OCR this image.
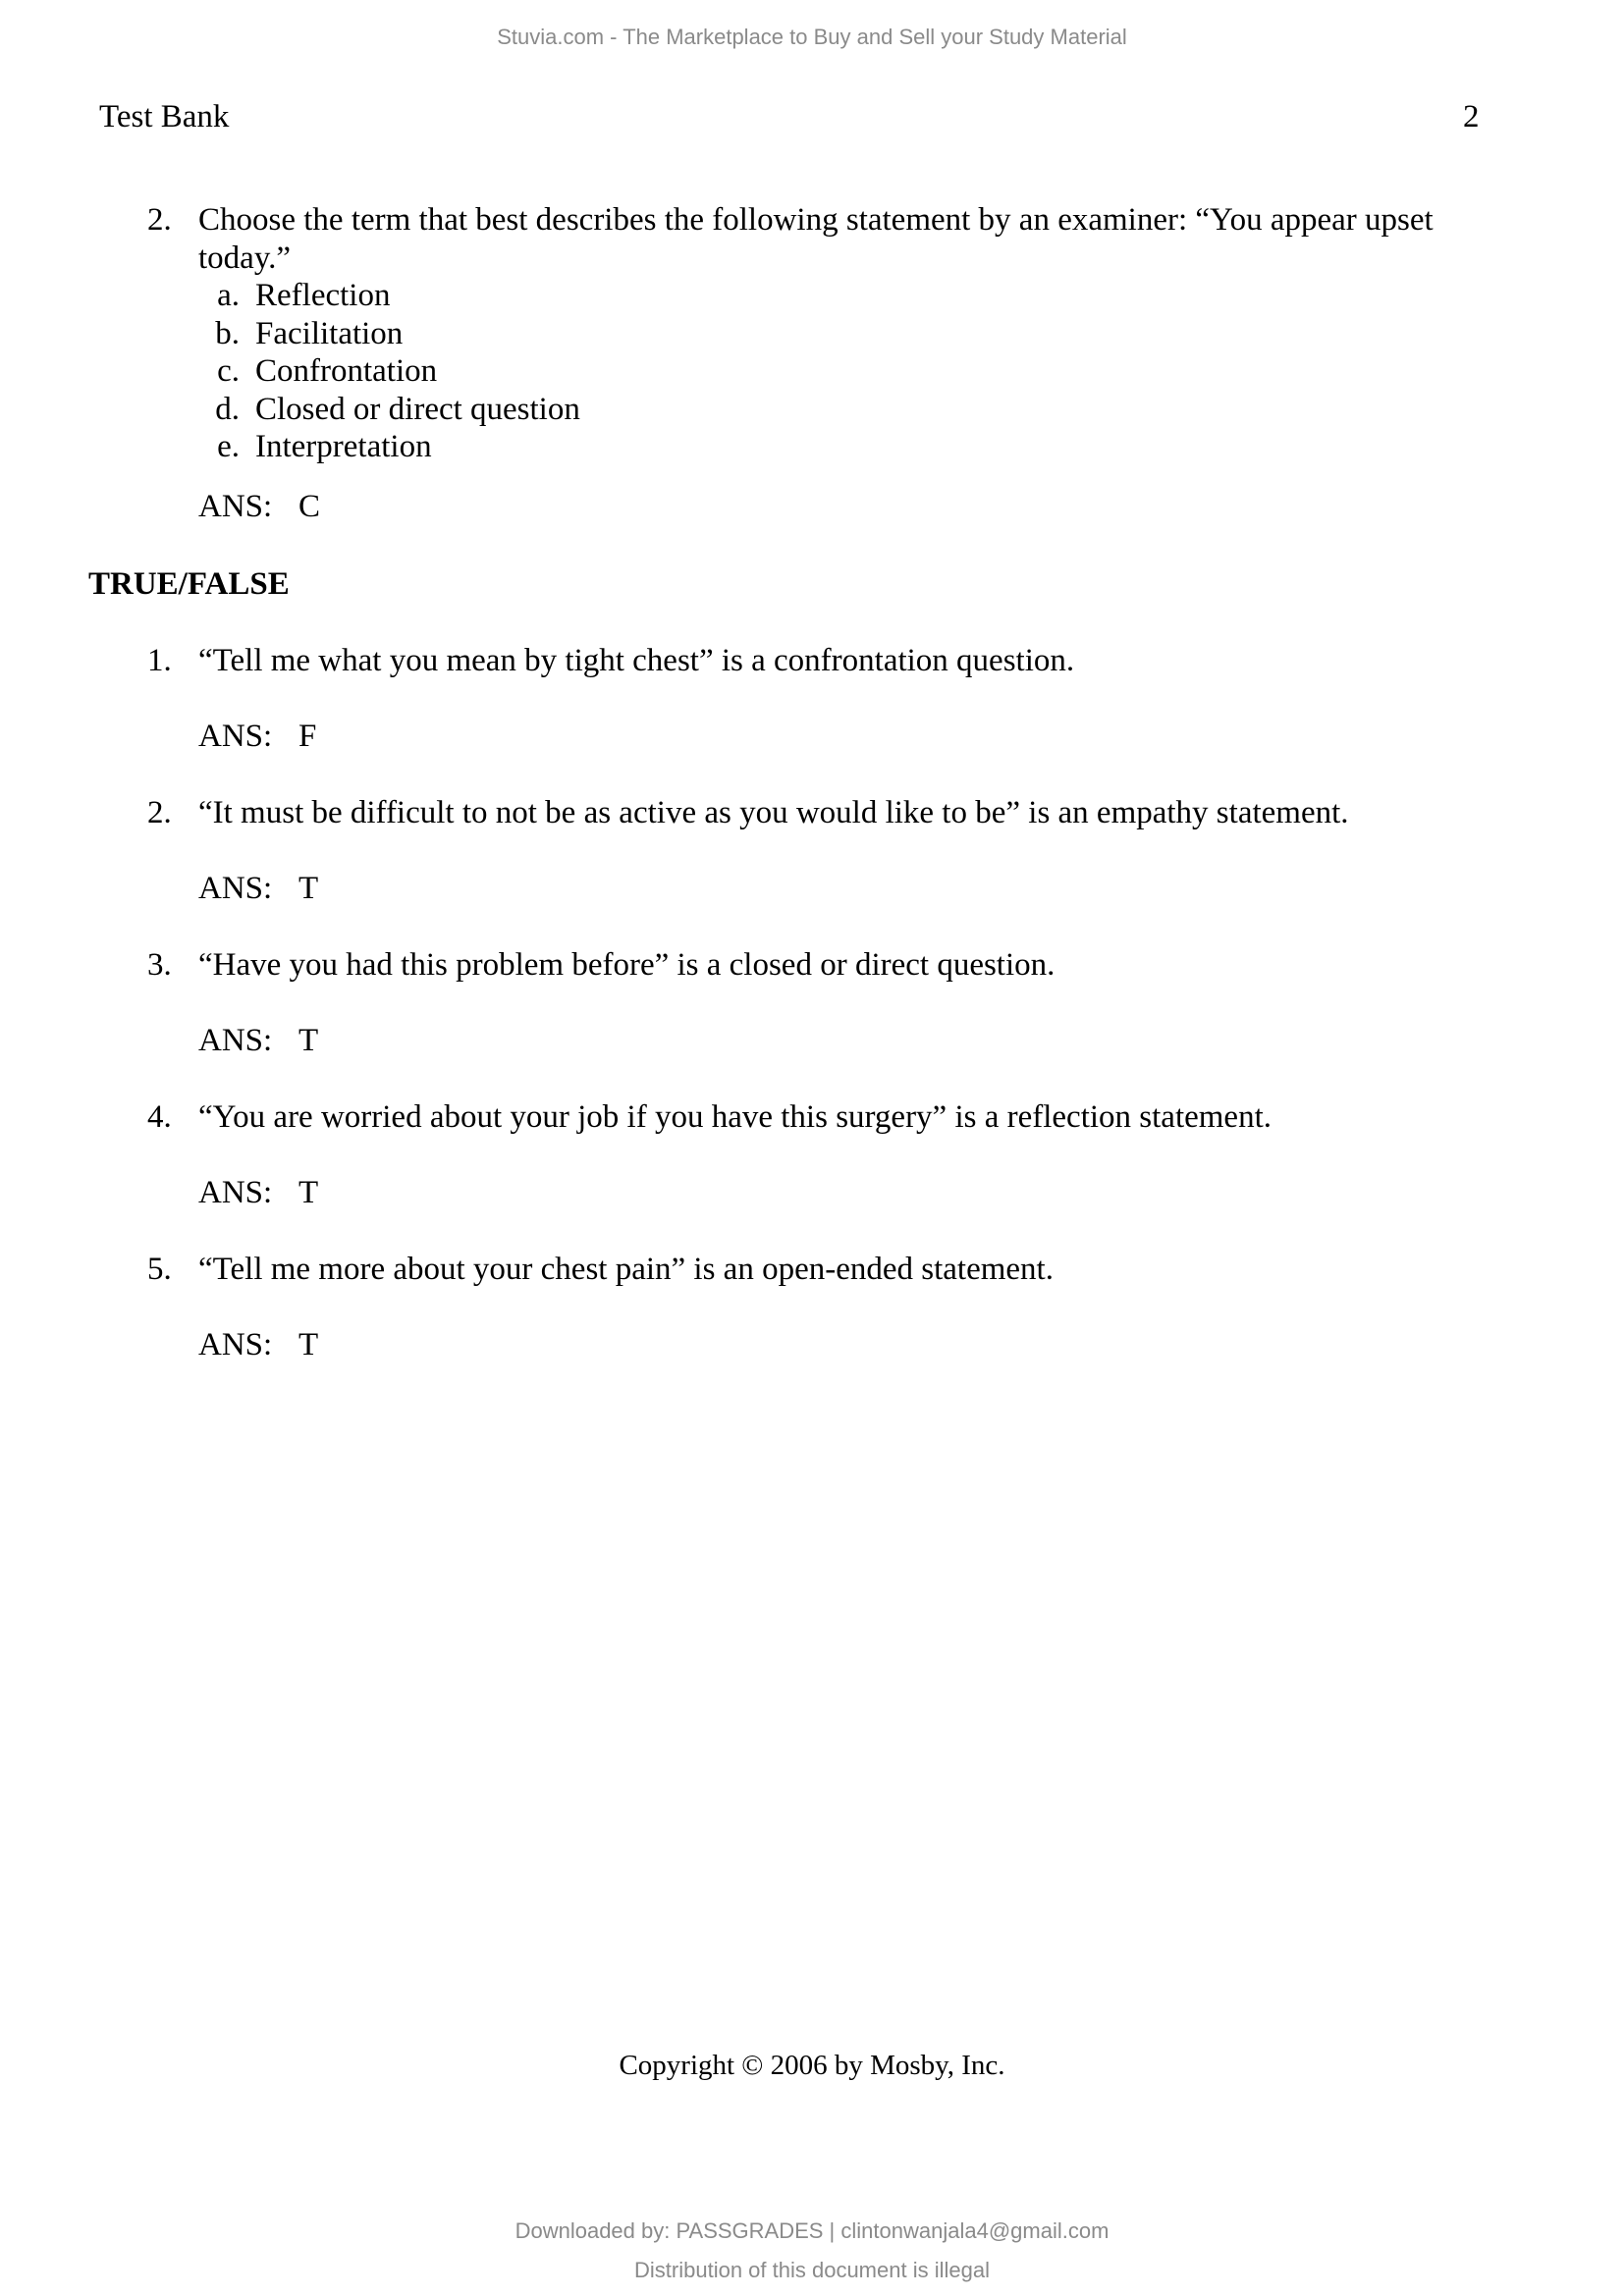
Stuvia.com - The Marketplace to Buy and Sell your Study Material
Test Bank	2
2. Choose the term that best describes the following statement by an examiner: “You appear upset today.”
a. Reflection
b. Facilitation
c. Confrontation
d. Closed or direct question
e. Interpretation
ANS: C
TRUE/FALSE
1. “Tell me what you mean by tight chest” is a confrontation question.
ANS: F
2. “It must be difficult to not be as active as you would like to be” is an empathy statement.
ANS: T
3. “Have you had this problem before” is a closed or direct question.
ANS: T
4. “You are worried about your job if you have this surgery” is a reflection statement.
ANS: T
5. “Tell me more about your chest pain” is an open-ended statement.
ANS: T
Copyright © 2006 by Mosby, Inc.
Downloaded by: PASSGRADES | clintonwanjala4@gmail.com
Distribution of this document is illegal
